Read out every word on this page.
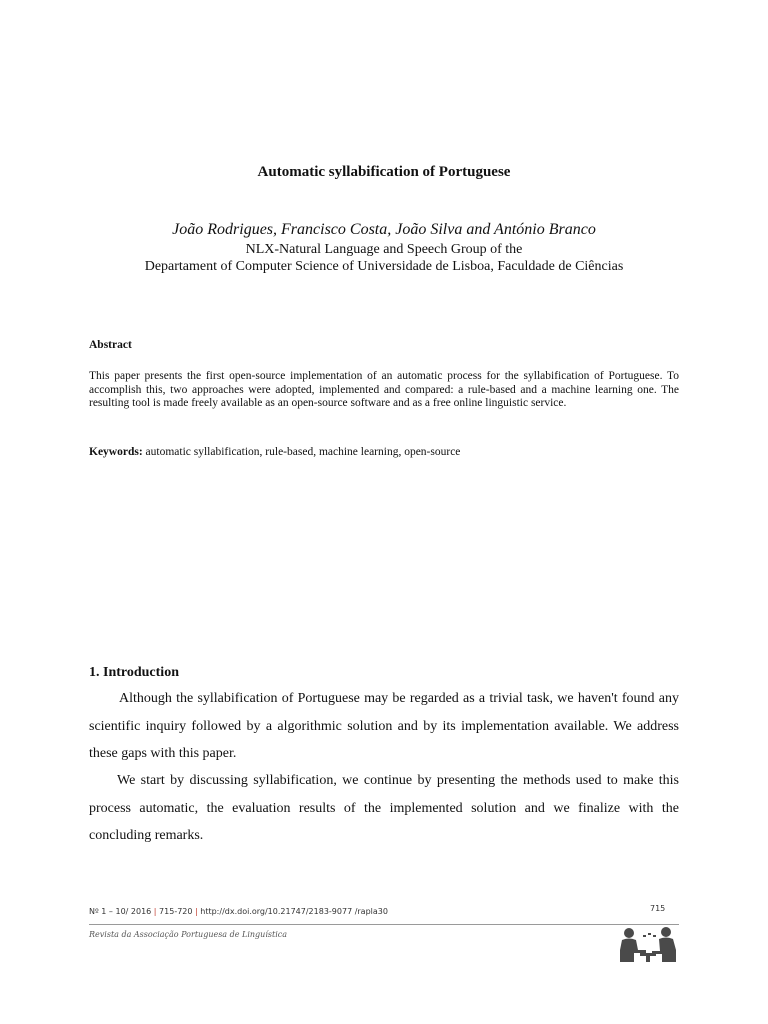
Automatic syllabification of Portuguese
João Rodrigues, Francisco Costa, João Silva and António Branco
NLX-Natural Language and Speech Group of the
Departament of Computer Science of Universidade de Lisboa, Faculdade de Ciências
Abstract
This paper presents the first open-source implementation of an automatic process for the syllabification of Portuguese. To accomplish this, two approaches were adopted, implemented and compared: a rule-based and a machine learning one. The resulting tool is made freely available as an open-source software and as a free online linguistic service.
Keywords: automatic syllabification, rule-based, machine learning, open-source
1. Introduction
Although the syllabification of Portuguese may be regarded as a trivial task, we haven't found any scientific inquiry followed by a algorithmic solution and by its implementation available. We address these gaps with this paper.
We start by discussing syllabification, we continue by presenting the methods used to make this process automatic, the evaluation results of the implemented solution and we finalize with the concluding remarks.
Nº 1 – 10/ 2016 | 715-720 | http://dx.doi.org/10.21747/2183-9077 /rapla30	715
Revista da Associação Portuguesa de Linguística
